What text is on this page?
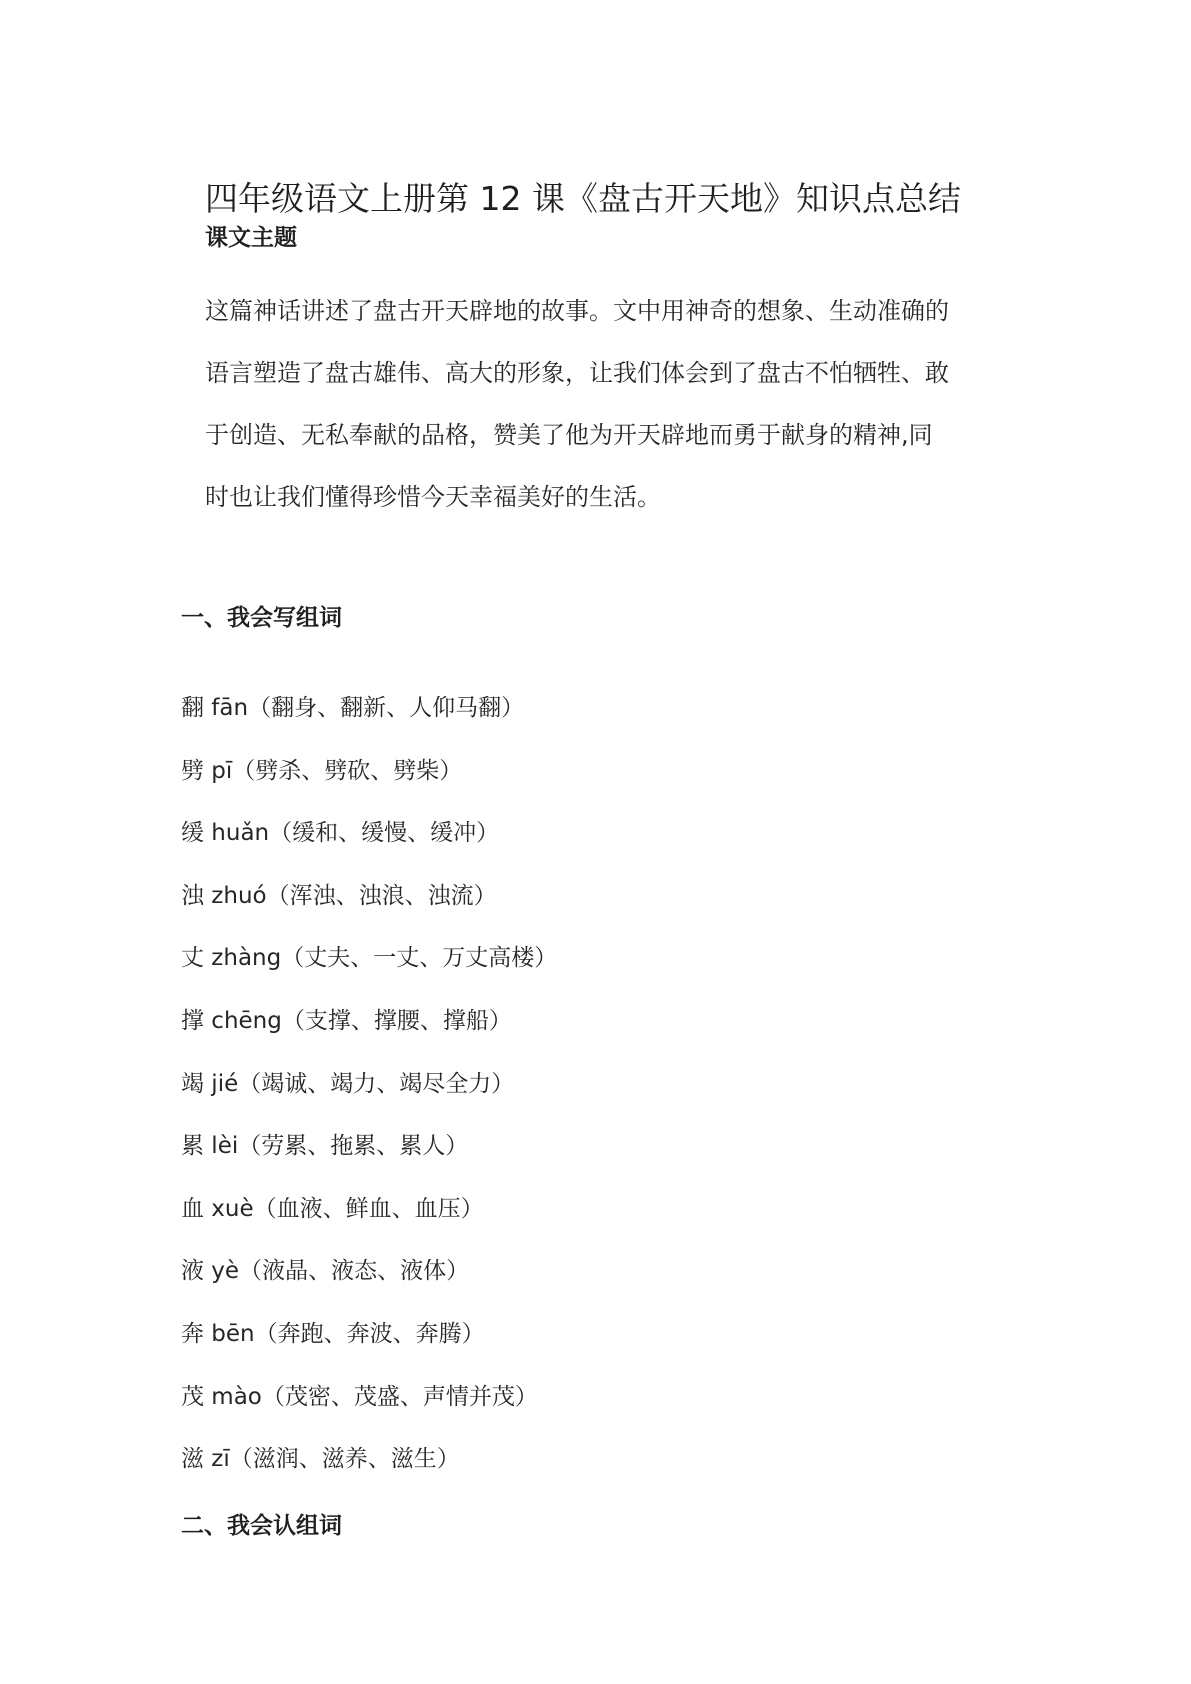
四年级语文上册第 12 课《盘古开天地》知识点总结
课文主题

这篇神话讲述了盘古开天辟地的故事。文中用神奇的想象、生动准确的
语言塑造了盘古雄伟、高大的形象，让我们体会到了盘古不怕牺牲、敢
于创造、无私奉献的品格，赞美了他为开天辟地而勇于献身的精神,同
时也让我们懂得珍惜今天幸福美好的生活。

一、我会写组词
翻 fān（翻身、翻新、人仰马翻）
劈 pī（劈杀、劈砍、劈柴）
缓 huǎn（缓和、缓慢、缓冲）
浊 zhuó（浑浊、浊浪、浊流）
丈 zhàng（丈夫、一丈、万丈高楼）
撑 chēng（支撑、撑腰、撑船）
竭 jié（竭诚、竭力、竭尽全力）
累 lèi（劳累、拖累、累人）
血 xuè（血液、鲜血、血压）
液 yè（液晶、液态、液体）
奔 bēn（奔跑、奔波、奔腾）
茂 mào（茂密、茂盛、声情并茂）
滋 zī（滋润、滋养、滋生）
二、我会认组词
